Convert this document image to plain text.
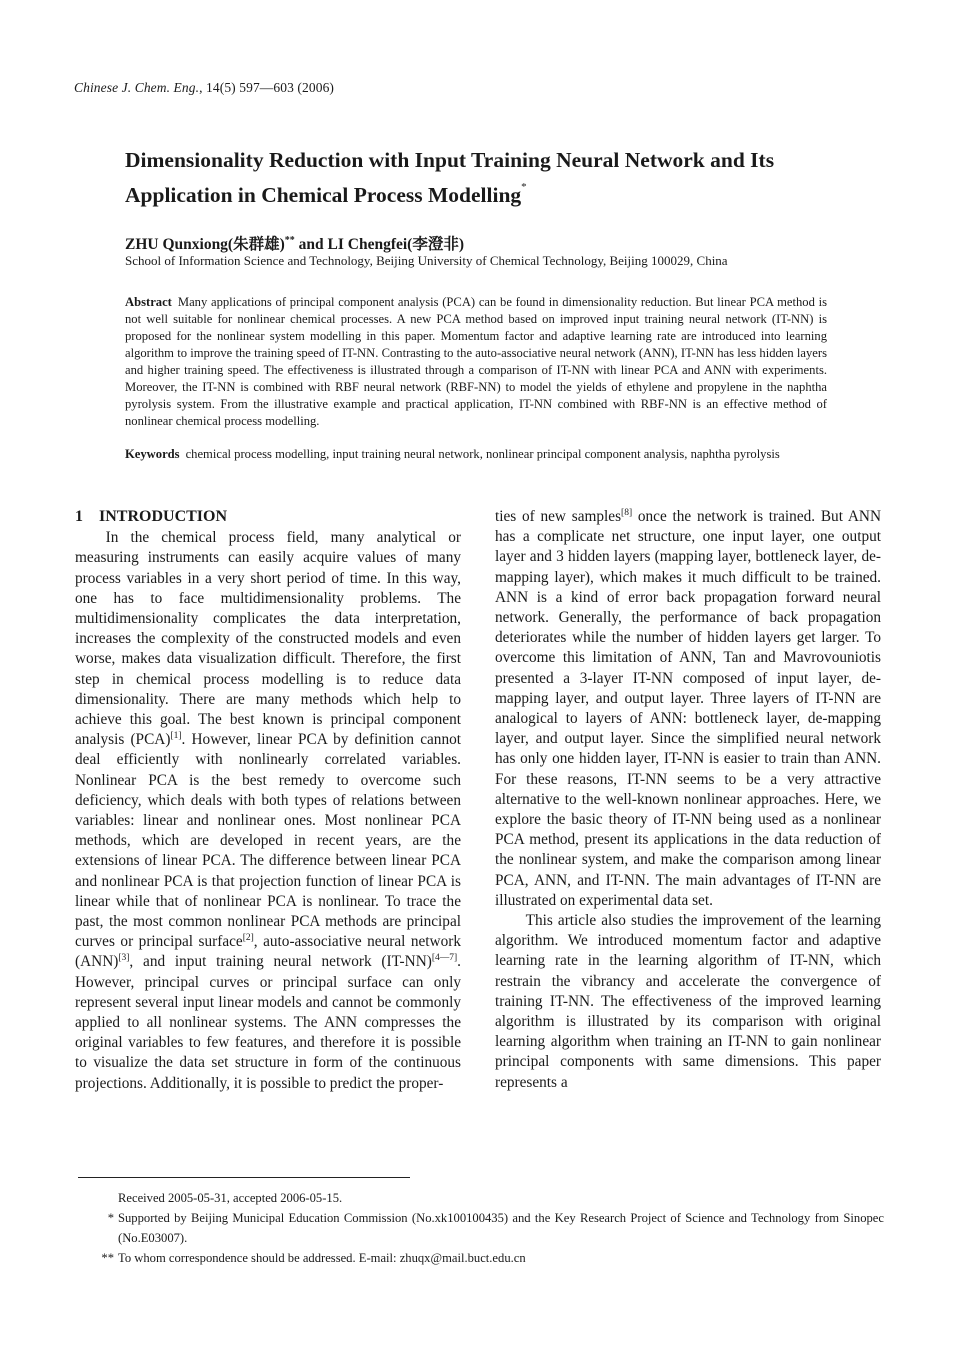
Chinese J. Chem. Eng., 14(5) 597—603 (2006)
Dimensionality Reduction with Input Training Neural Network and Its Application in Chemical Process Modelling*
ZHU Qunxiong(朱群雄)** and LI Chengfei(李澄非)
School of Information Science and Technology, Beijing University of Chemical Technology, Beijing 100029, China

Abstract Many applications of principal component analysis (PCA) can be found in dimensionality reduction. But linear PCA method is not well suitable for nonlinear chemical processes. A new PCA method based on improved input training neural network (IT-NN) is proposed for the nonlinear system modelling in this paper. Momentum factor and adaptive learning rate are introduced into learning algorithm to improve the training speed of IT-NN. Contrasting to the auto-associative neural network (ANN), IT-NN has less hidden layers and higher training speed. The effectiveness is illustrated through a comparison of IT-NN with linear PCA and ANN with experiments. Moreover, the IT-NN is combined with RBF neural network (RBF-NN) to model the yields of ethylene and propylene in the naphtha pyrolysis system. From the illustrative example and practical application, IT-NN combined with RBF-NN is an effective method of nonlinear chemical process modelling.

Keywords chemical process modelling, input training neural network, nonlinear principal component analysis, naphtha pyrolysis

1 INTRODUCTION

In the chemical process field, many analytical or measuring instruments can easily acquire values of many process variables in a very short period of time. In this way, one has to face multidimensionality problems. The multidimensionality complicates the data interpretation, increases the complexity of the constructed models and even worse, makes data visualization difficult. Therefore, the first step in chemical process modelling is to reduce data dimensionality. There are many methods which help to achieve this goal. The best known is principal component analysis (PCA)[1]. However, linear PCA by definition cannot deal efficiently with nonlinearly correlated variables. Nonlinear PCA is the best remedy to overcome such deficiency, which deals with both types of relations between variables: linear and nonlinear ones. Most nonlinear PCA methods, which are developed in recent years, are the extensions of linear PCA. The difference between linear PCA and nonlinear PCA is that projection function of linear PCA is linear while that of nonlinear PCA is nonlinear. To trace the past, the most common nonlinear PCA methods are principal curves or principal surface[2], auto-associative neural network (ANN)[3], and input training neural network (IT-NN)[4—7]. However, principal curves or principal surface can only represent several input linear models and cannot be commonly applied to all nonlinear systems. The ANN compresses the original variables to few features, and therefore it is possible to visualize the data set structure in form of the continuous projections. Additionally, it is possible to predict the proper-

ties of new samples[8] once the network is trained. But ANN has a complicate net structure, one input layer, one output layer and 3 hidden layers (mapping layer, bottleneck layer, de-mapping layer), which makes it much difficult to be trained. ANN is a kind of error back propagation forward neural network. Generally, the performance of back propagation deteriorates while the number of hidden layers get larger. To overcome this limitation of ANN, Tan and Mavrovouniotis presented a 3-layer IT-NN composed of input layer, de-mapping layer, and output layer. Three layers of IT-NN are analogical to layers of ANN: bottleneck layer, de-mapping layer, and output layer. Since the simplified neural network has only one hidden layer, IT-NN is easier to train than ANN. For these reasons, IT-NN seems to be a very attractive alternative to the well-known nonlinear approaches. Here, we explore the basic theory of IT-NN being used as a nonlinear PCA method, present its applications in the data reduction of the nonlinear system, and make the comparison among linear PCA, ANN, and IT-NN. The main advantages of IT-NN are illustrated on experimental data set.

This article also studies the improvement of the learning algorithm. We introduced momentum factor and adaptive learning rate in the learning algorithm of IT-NN, which restrain the vibrancy and accelerate the convergence of training IT-NN. The effectiveness of the improved learning algorithm is illustrated by its comparison with original learning algorithm when training an IT-NN to gain nonlinear principal components with same dimensions. This paper represents a

Received 2005-05-31, accepted 2006-05-15.

* Supported by Beijing Municipal Education Commission (No.xk100100435) and the Key Research Project of Science and Technology from Sinopec (No.E03007).
** To whom correspondence should be addressed. E-mail: zhuqx@mail.buct.edu.cn
